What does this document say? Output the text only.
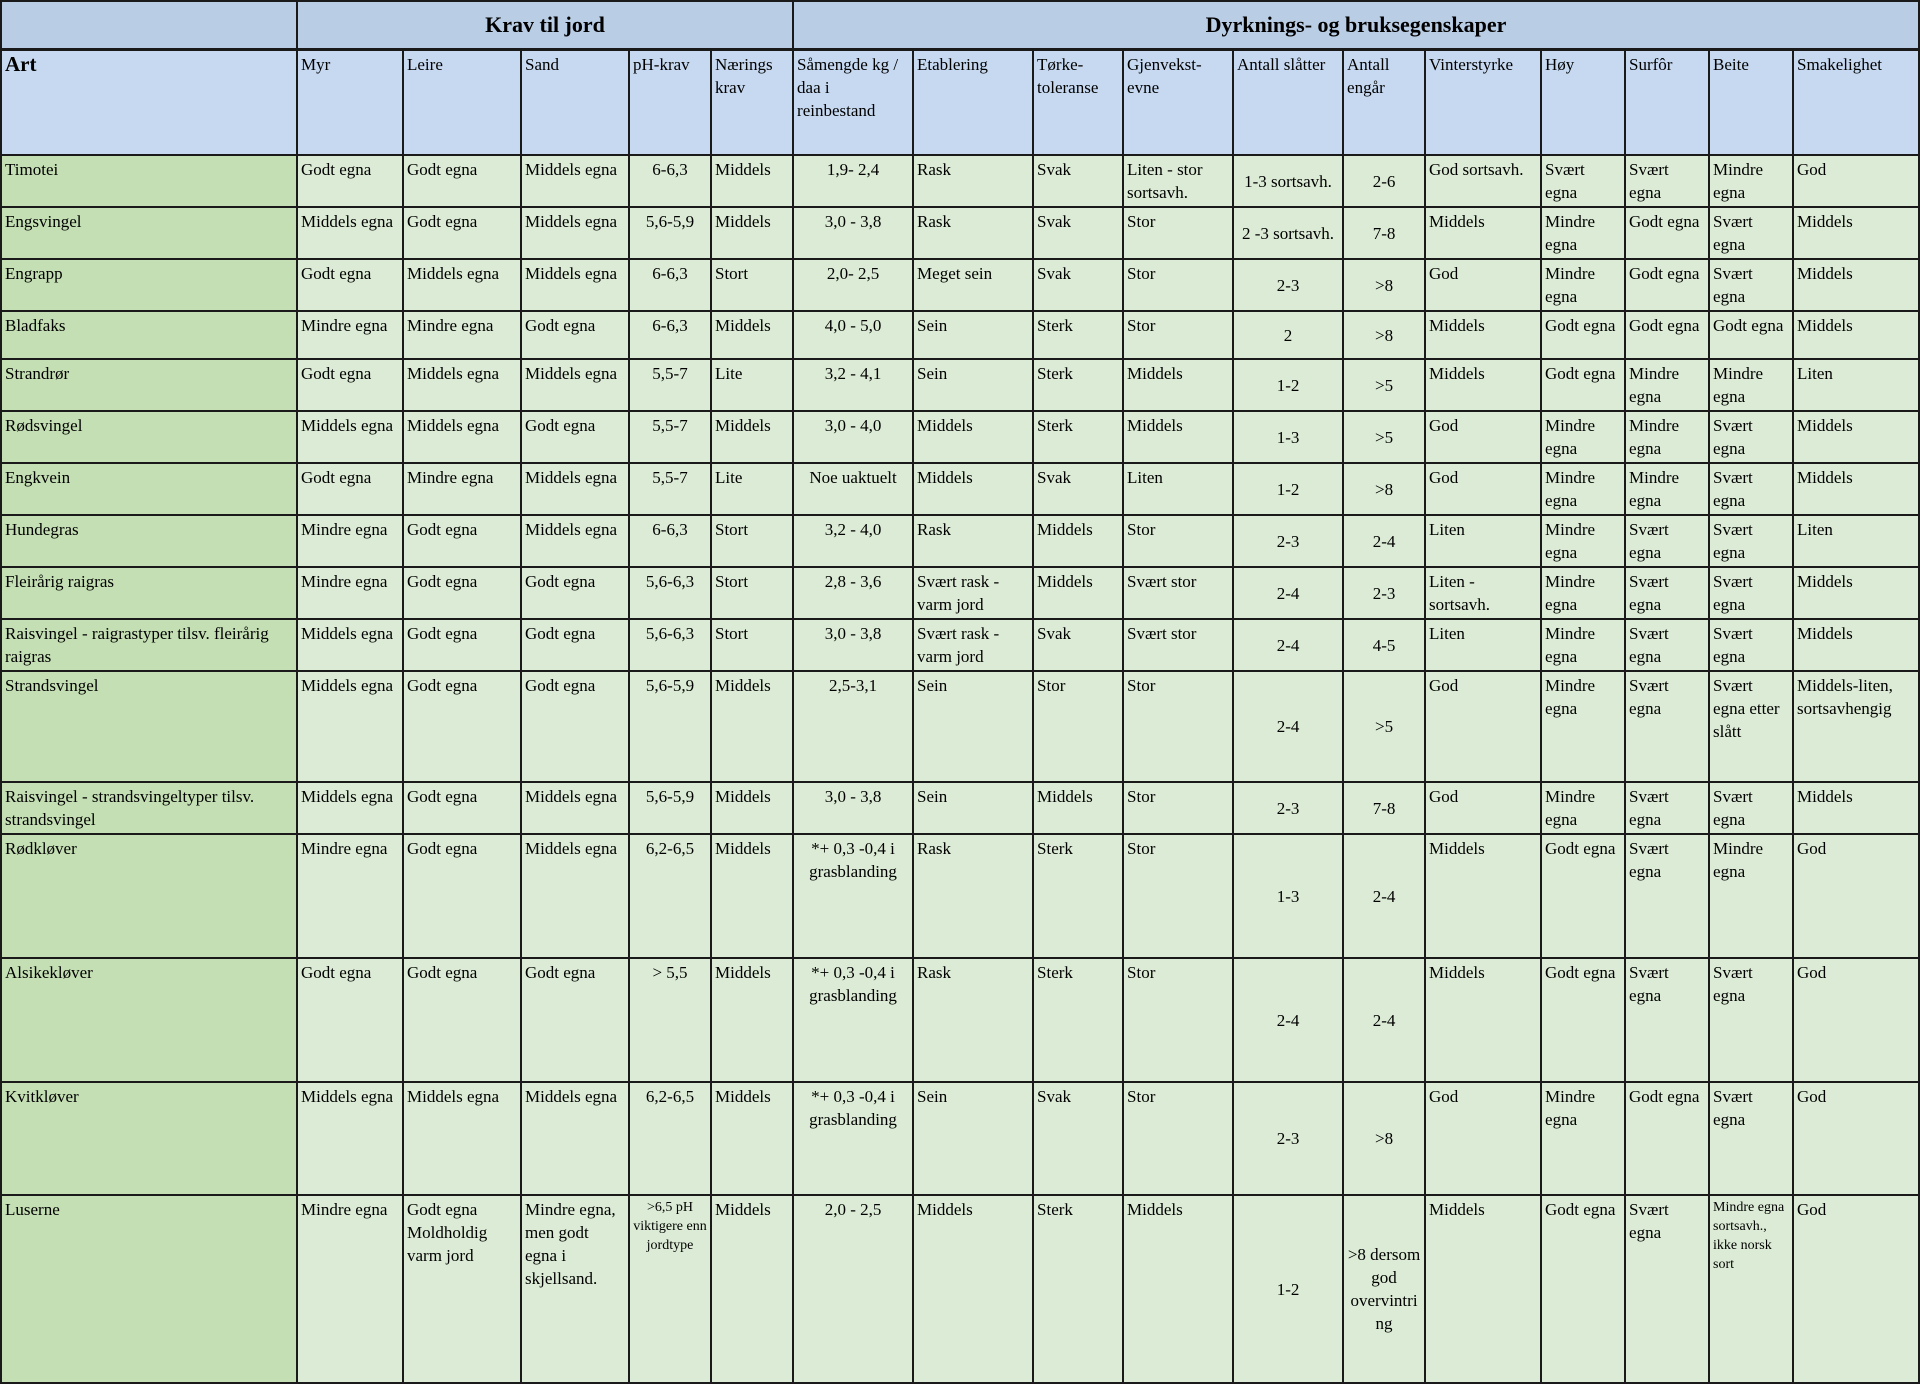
	Krav til jord					Dyrknings- og bruksegenskaper										
Art	Myr	Leire	Sand	pH-krav	Nærings krav	Såmengde kg / daa i reinbestand	Etablering	Tørke-toleranse	Gjenvekst-evne	Antall slåtter	Antall engår	Vinterstyrke	Høy	Surfôr	Beite	Smakelighet
Timotei	Godt egna	Godt egna	Middels egna	6-6,3	Middels	1,9- 2,4	Rask	Svak	Liten - stor sortsavh.	1-3 sortsavh.	2-6	God sortsavh.	Svært egna	Svært egna	Mindre egna	God
Engsvingel	Middels egna	Godt egna	Middels egna	5,6-5,9	Middels	3,0 - 3,8	Rask	Svak	Stor	2 -3 sortsavh.	7-8	Middels	Mindre egna	Godt egna	Svært egna	Middels
Engrapp	Godt egna	Middels egna	Middels egna	6-6,3	Stort	2,0- 2,5	Meget sein	Svak	Stor	2-3	>8	God	Mindre egna	Godt egna	Svært egna	Middels
Bladfaks	Mindre egna	Mindre egna	Godt egna	6-6,3	Middels	4,0 - 5,0	Sein	Sterk	Stor	2	>8	Middels	Godt egna	Godt egna	Godt egna	Middels
Strandrør	Godt egna	Middels egna	Middels egna	5,5-7	Lite	3,2 - 4,1	Sein	Sterk	Middels	1-2	>5	Middels	Godt egna	Mindre egna	Mindre egna	Liten
Rødsvingel	Middels egna	Middels egna	Godt egna	5,5-7	Middels	3,0 - 4,0	Middels	Sterk	Middels	1-3	>5	God	Mindre egna	Mindre egna	Svært egna	Middels
Engkvein	Godt egna	Mindre egna	Middels egna	5,5-7	Lite	Noe uaktuelt	Middels	Svak	Liten	1-2	>8	God	Mindre egna	Mindre egna	Svært egna	Middels
Hundegras	Mindre egna	Godt egna	Middels egna	6-6,3	Stort	3,2 - 4,0	Rask	Middels	Stor	2-3	2-4	Liten	Mindre egna	Svært egna	Svært egna	Liten
Fleirårig raigras	Mindre egna	Godt egna	Godt egna	5,6-6,3	Stort	2,8 - 3,6	Svært rask - varm jord	Middels	Svært stor	2-4	2-3	Liten - sortsavh.	Mindre egna	Svært egna	Svært egna	Middels
Raisvingel - raigrastyper tilsv. fleirårig raigras	Middels egna	Godt egna	Godt egna	5,6-6,3	Stort	3,0 - 3,8	Svært rask - varm jord	Svak	Svært stor	2-4	4-5	Liten	Mindre egna	Svært egna	Svært egna	Middels
Strandsvingel	Middels egna	Godt egna	Godt egna	5,6-5,9	Middels	2,5-3,1	Sein	Stor	Stor	2-4	>5	God	Mindre egna	Svært egna	Svært egna etter slått	Middels-liten, sortsavhengig
Raisvingel - strandsvingeltyper tilsv. strandsvingel	Middels egna	Godt egna	Middels egna	5,6-5,9	Middels	3,0 - 3,8	Sein	Middels	Stor	2-3	7-8	God	Mindre egna	Svært egna	Svært egna	Middels
Rødkløver	Mindre egna	Godt egna	Middels egna	6,2-6,5	Middels	*+ 0,3 -0,4 i grasblanding	Rask	Sterk	Stor	1-3	2-4	Middels	Godt egna	Svært egna	Mindre egna	God
Alsikekløver	Godt egna	Godt egna	Godt egna	> 5,5	Middels	*+ 0,3 -0,4 i grasblanding	Rask	Sterk	Stor	2-4	2-4	Middels	Godt egna	Svært egna	Svært egna	God
Kvitkløver	Middels egna	Middels egna	Middels egna	6,2-6,5	Middels	*+ 0,3 -0,4 i grasblanding	Sein	Svak	Stor	2-3	>8	God	Mindre egna	Godt egna	Svært egna	God
Luserne	Mindre egna	Godt egna Moldholdig varm jord	Mindre egna, men godt egna i skjellsand.	>6,5 pH viktigere enn jordtype	Middels	2,0 - 2,5	Middels	Sterk	Middels	1-2	>8 dersom god overvintring	Middels	Godt egna	Svært egna	Mindre egna sortsavh., ikke norsk sort	God
